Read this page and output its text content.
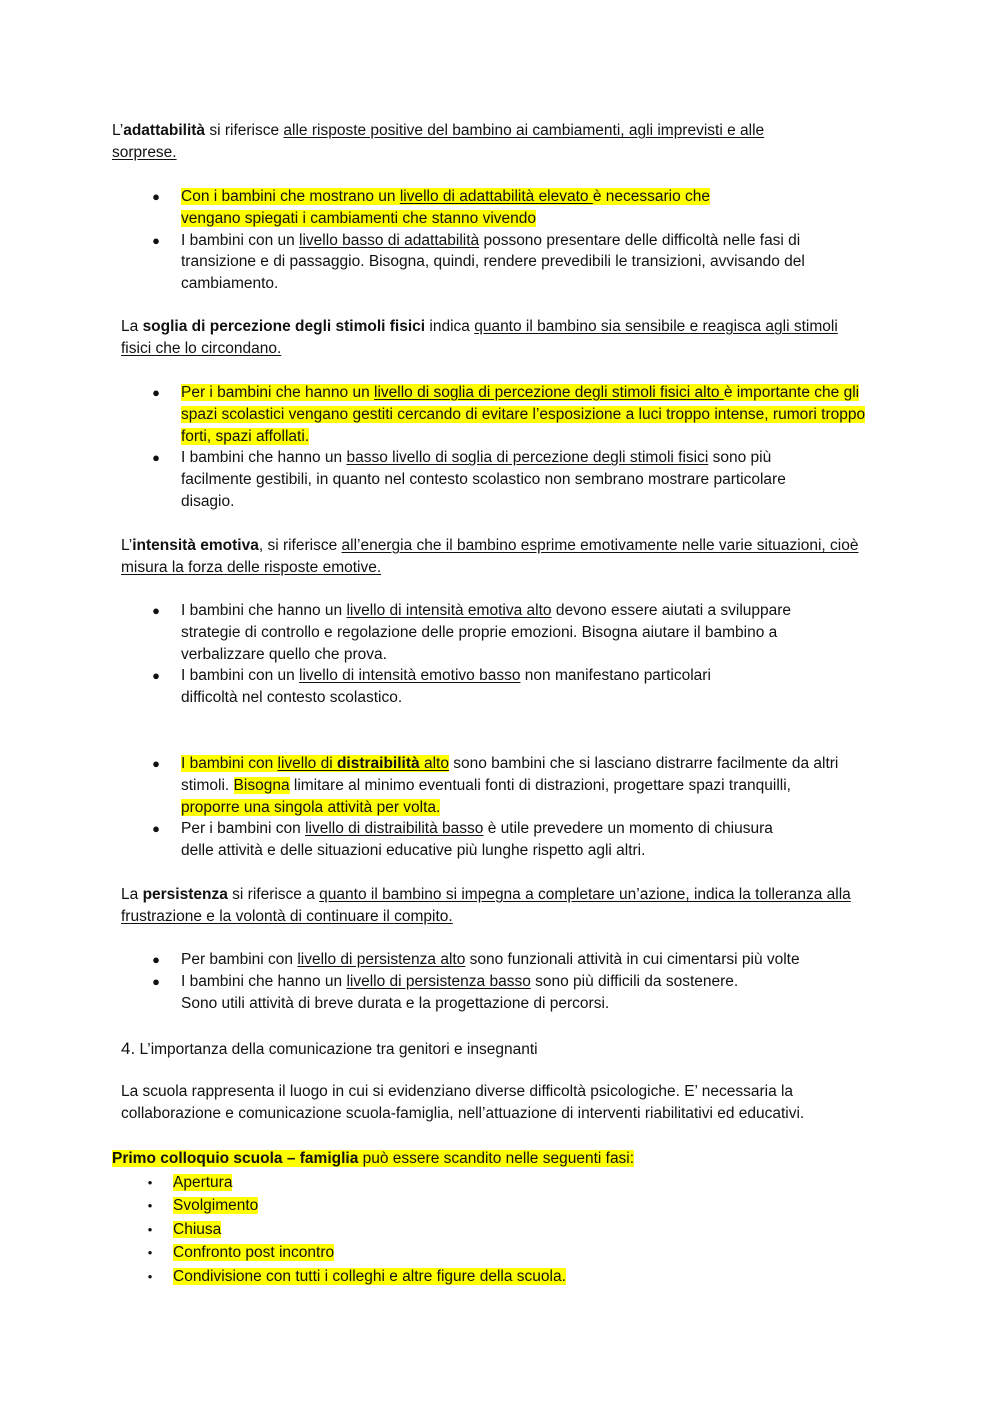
L’adattabilità si riferisce alle risposte positive del bambino ai cambiamenti, agli imprevisti e alle sorprese.
● Con i bambini che mostrano un livello di adattabilità elevato è necessario che vengano spiegati i cambiamenti che stanno vivendo
● I bambini con un livello basso di adattabilità possono presentare delle difficoltà nelle fasi di transizione e di passaggio. Bisogna, quindi, rendere prevedibili le transizioni, avvisando del cambiamento.
La soglia di percezione degli stimoli fisici indica quanto il bambino sia sensibile e reagisca agli stimoli fisici che lo circondano.
● Per i bambini che hanno un livello di soglia di percezione degli stimoli fisici alto è importante che gli spazi scolastici vengano gestiti cercando di evitare l’esposizione a luci troppo intense, rumori troppo forti, spazi affollati.
● I bambini che hanno un basso livello di soglia di percezione degli stimoli fisici sono più facilmente gestibili, in quanto nel contesto scolastico non sembrano mostrare particolare disagio.
L’intensità emotiva, si riferisce all’energia che il bambino esprime emotivamente nelle varie situazioni, cioè misura la forza delle risposte emotive.
● I bambini che hanno un livello di intensità emotiva alto devono essere aiutati a sviluppare strategie di controllo e regolazione delle proprie emozioni. Bisogna aiutare il bambino a verbalizzare quello che prova.
● I bambini con un livello di intensità emotivo basso non manifestano particolari difficoltà nel contesto scolastico.
● I bambini con livello di distraibilità alto sono bambini che si lasciano distrarre facilmente da altri stimoli. Bisogna limitare al minimo eventuali fonti di distrazioni, progettare spazi tranquilli, proporre una singola attività per volta.
● Per i bambini con livello di distraibilità basso è utile prevedere un momento di chiusura delle attività e delle situazioni educative più lunghe rispetto agli altri.
La persistenza si riferisce a quanto il bambino si impegna a completare un’azione, indica la tolleranza alla frustrazione e la volontà di continuare il compito.
● Per bambini con livello di persistenza alto sono funzionali attività in cui cimentarsi più volte
● I bambini che hanno un livello di persistenza basso sono più difficili da sostenere.
Sono utili attività di breve durata e la progettazione di percorsi.
4. L’importanza della comunicazione tra genitori e insegnanti
La scuola rappresenta il luogo in cui si evidenziano diverse difficoltà psicologiche. E’ necessaria la collaborazione e comunicazione scuola-famiglia, nell’attuazione di interventi riabilitativi ed educativi.
Primo colloquio scuola – famiglia può essere scandito nelle seguenti fasi:
• Apertura
• Svolgimento
• Chiusa
• Confronto post incontro
• Condivisione con tutti i colleghi e altre figure della scuola.
